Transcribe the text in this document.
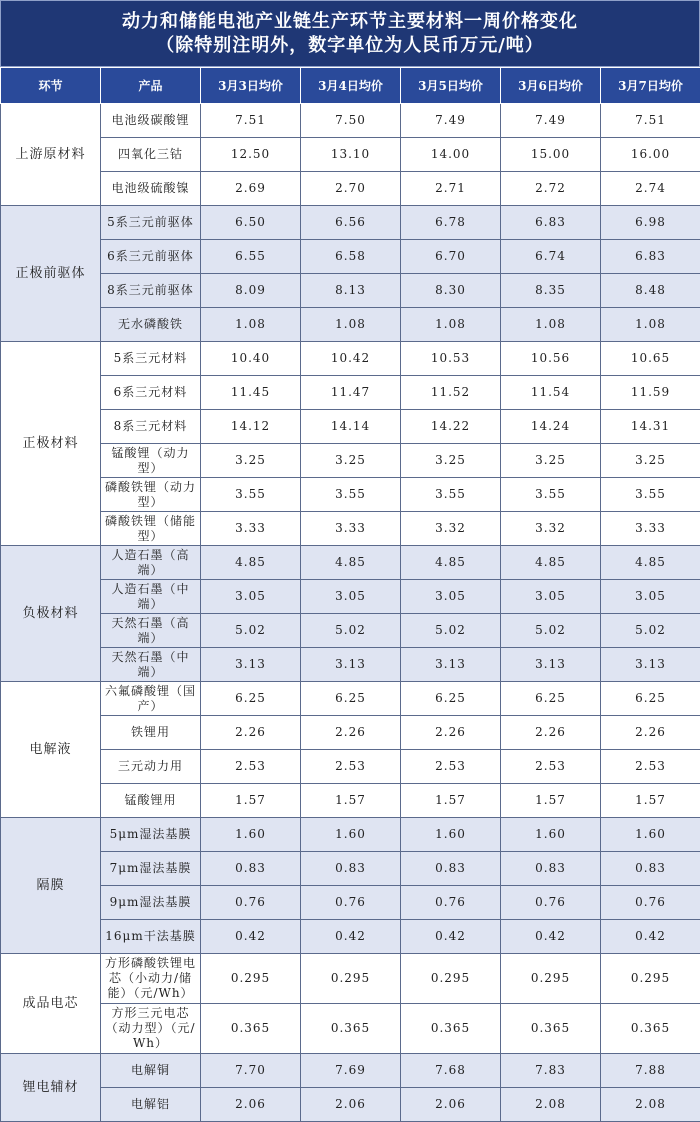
动力和储能电池产业链生产环节主要材料一周价格变化
（除特别注明外，数字单位为人民币万元/吨）
环节	产品	3月3日均价	3月4日均价	3月5日均价	3月6日均价	3月7日均价
上游原材料	电池级碳酸锂	7.51	7.50	7.49	7.49	7.51
	四氧化三钴	12.50	13.10	14.00	15.00	16.00
	电池级硫酸镍	2.69	2.70	2.71	2.72	2.74
正极前驱体	5系三元前驱体	6.50	6.56	6.78	6.83	6.98
	6系三元前驱体	6.55	6.58	6.70	6.74	6.83
	8系三元前驱体	8.09	8.13	8.30	8.35	8.48
	无水磷酸铁	1.08	1.08	1.08	1.08	1.08
正极材料	5系三元材料	10.40	10.42	10.53	10.56	10.65
	6系三元材料	11.45	11.47	11.52	11.54	11.59
	8系三元材料	14.12	14.14	14.22	14.24	14.31
	锰酸锂（动力型）	3.25	3.25	3.25	3.25	3.25
	磷酸铁锂（动力型）	3.55	3.55	3.55	3.55	3.55
	磷酸铁锂（储能型）	3.33	3.33	3.32	3.32	3.33
负极材料	人造石墨（高端）	4.85	4.85	4.85	4.85	4.85
	人造石墨（中端）	3.05	3.05	3.05	3.05	3.05
	天然石墨（高端）	5.02	5.02	5.02	5.02	5.02
	天然石墨（中端）	3.13	3.13	3.13	3.13	3.13
电解液	六氟磷酸锂（国产）	6.25	6.25	6.25	6.25	6.25
	铁锂用	2.26	2.26	2.26	2.26	2.26
	三元动力用	2.53	2.53	2.53	2.53	2.53
	锰酸锂用	1.57	1.57	1.57	1.57	1.57
隔膜	5μm湿法基膜	1.60	1.60	1.60	1.60	1.60
	7μm湿法基膜	0.83	0.83	0.83	0.83	0.83
	9μm湿法基膜	0.76	0.76	0.76	0.76	0.76
	16μm干法基膜	0.42	0.42	0.42	0.42	0.42
成品电芯	方形磷酸铁锂电芯（小动力/储能）（元/Wh）	0.295	0.295	0.295	0.295	0.295
	方形三元电芯（动力型）（元/Wh）	0.365	0.365	0.365	0.365	0.365
锂电辅材	电解铜	7.70	7.69	7.68	7.83	7.88
	电解铝	2.06	2.06	2.06	2.08	2.08
